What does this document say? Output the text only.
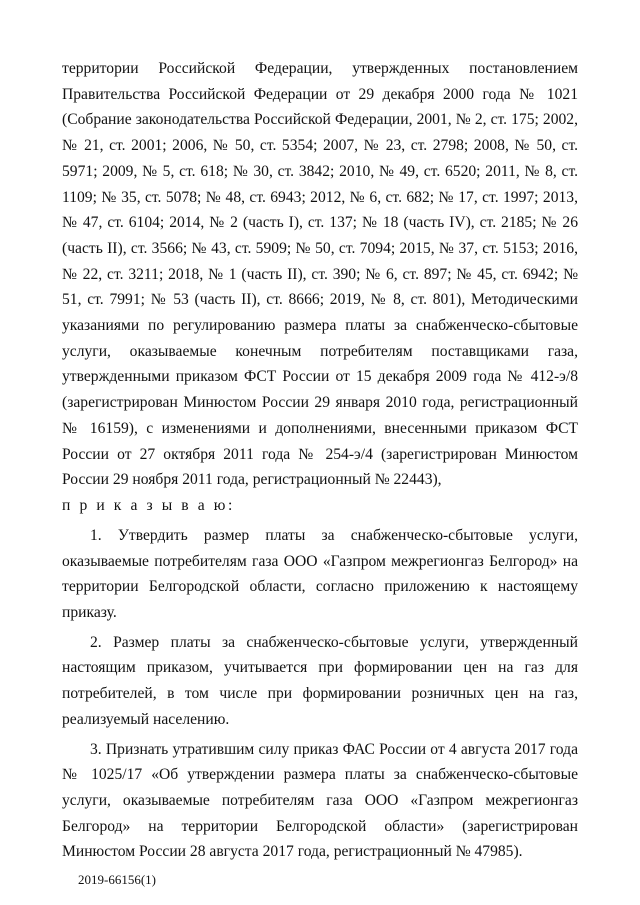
территории Российской Федерации, утвержденных постановлением Правительства Российской Федерации от 29 декабря 2000 года № 1021 (Собрание законодательства Российской Федерации, 2001, № 2, ст. 175; 2002, № 21, ст. 2001; 2006, № 50, ст. 5354; 2007, № 23, ст. 2798; 2008, № 50, ст. 5971; 2009, № 5, ст. 618; № 30, ст. 3842; 2010, № 49, ст. 6520; 2011, № 8, ст. 1109; № 35, ст. 5078; № 48, ст. 6943; 2012, № 6, ст. 682; № 17, ст. 1997; 2013, № 47, ст. 6104; 2014, № 2 (часть I), ст. 137; № 18 (часть IV), ст. 2185; № 26 (часть II), ст. 3566; № 43, ст. 5909; № 50, ст. 7094; 2015, № 37, ст. 5153; 2016, № 22, ст. 3211; 2018, № 1 (часть II), ст. 390; № 6, ст. 897; № 45, ст. 6942; № 51, ст. 7991; № 53 (часть II), ст. 8666; 2019, № 8, ст. 801), Методическими указаниями по регулированию размера платы за снабженческо-сбытовые услуги, оказываемые конечным потребителям поставщиками газа, утвержденными приказом ФСТ России от 15 декабря 2009 года № 412-э/8 (зарегистрирован Минюстом России 29 января 2010 года, регистрационный № 16159), с изменениями и дополнениями, внесенными приказом ФСТ России от 27 октября 2011 года № 254-э/4 (зарегистрирован Минюстом России 29 ноября 2011 года, регистрационный № 22443),

п р и к а з ы в а ю:

1. Утвердить размер платы за снабженческо-сбытовые услуги, оказываемые потребителям газа ООО «Газпром межрегионгаз Белгород» на территории Белгородской области, согласно приложению к настоящему приказу.

2. Размер платы за снабженческо-сбытовые услуги, утвержденный настоящим приказом, учитывается при формировании цен на газ для потребителей, в том числе при формировании розничных цен на газ, реализуемый населению.

3. Признать утратившим силу приказ ФАС России от 4 августа 2017 года № 1025/17 «Об утверждении размера платы за снабженческо-сбытовые услуги, оказываемые потребителям газа ООО «Газпром межрегионгаз Белгород» на территории Белгородской области» (зарегистрирован Минюстом России 28 августа 2017 года, регистрационный № 47985).

2019-66156(1)
